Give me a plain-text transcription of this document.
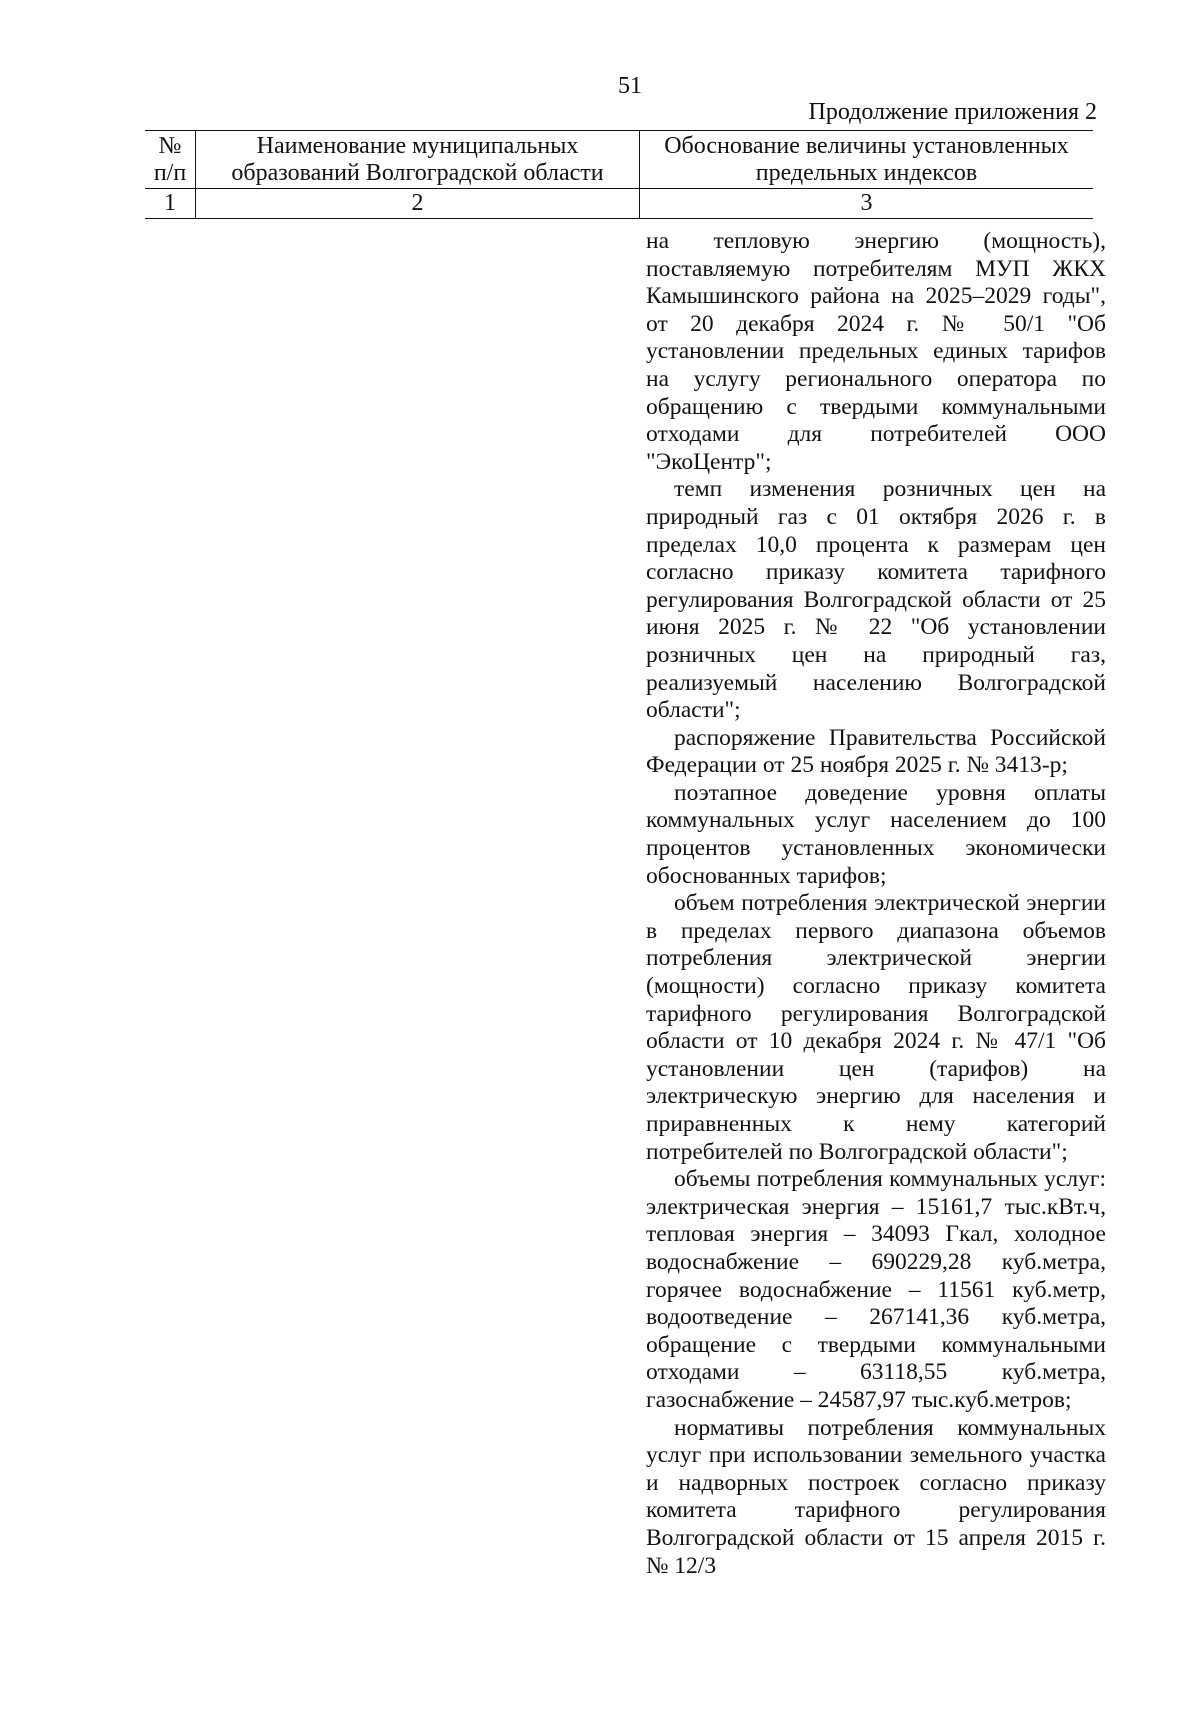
51
Продолжение приложения 2
№
п/п
Наименование муниципальных
образований Волгоградской области
Обоснование величины установленных
предельных индексов
1	2	3

на тепловую энергию (мощность), поставляемую потребителям МУП ЖКХ Камышинского района на 2025–2029 годы", от 20 декабря 2024 г. № 50/1 "Об установлении предельных единых тарифов на услугу регионального оператора по обращению с твердыми коммунальными отходами для потребителей ООО "ЭкоЦентр";

темп изменения розничных цен на природный газ с 01 октября 2026 г. в пределах 10,0 процента к размерам цен согласно приказу комитета тарифного регулирования Волгоградской области от 25 июня 2025 г. № 22 "Об установлении розничных цен на природный газ, реализуемый населению Волгоградской области";

распоряжение Правительства Российской Федерации от 25 ноября 2025 г. № 3413-р;

поэтапное доведение уровня оплаты коммунальных услуг населением до 100 процентов установленных экономически обоснованных тарифов;

объем потребления электрической энергии в пределах первого диапазона объемов потребления электрической энергии (мощности) согласно приказу комитета тарифного регулирования Волгоградской области от 10 декабря 2024 г. № 47/1 "Об установлении цен (тарифов) на электрическую энергию для населения и приравненных к нему категорий потребителей по Волгоградской области";

объемы потребления коммунальных услуг: электрическая энергия – 15161,7 тыс.кВт.ч, тепловая энергия – 34093 Гкал, холодное водоснабжение – 690229,28 куб.метра, горячее водоснабжение – 11561 куб.метр, водоотведение – 267141,36 куб.метра, обращение с твердыми коммунальными отходами – 63118,55 куб.метра, газоснабжение – 24587,97 тыс.куб.метров;

нормативы потребления коммунальных услуг при использовании земельного участка и надворных построек согласно приказу комитета тарифного регулирования Волгоградской области от 15 апреля 2015 г. № 12/3
